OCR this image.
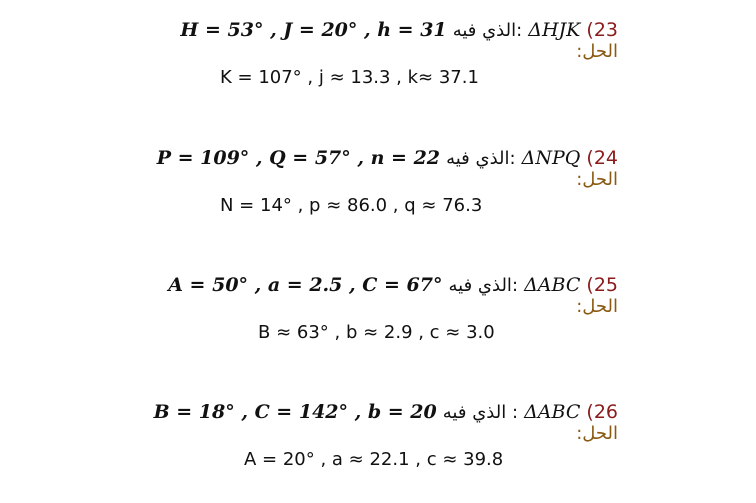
H = 53° , J = 20° , h = 31 الذي فيه: ΔHJK (23
الحل:
K = 107° , j ≈ 13.3 , k≈ 37.1
P = 109° , Q = 57° , n = 22 الذي فيه: ΔNPQ (24
الحل:
N = 14° , p ≈ 86.0 , q ≈ 76.3
A = 50° , a = 2.5 , C = 67° الذي فيه: ΔABC (25
الحل:
B ≈ 63° , b ≈ 2.9 , c ≈ 3.0
B = 18° , C = 142° , b = 20 الذي فيه : ΔABC (26
الحل:
A = 20° , a ≈ 22.1 , c ≈ 39.8
